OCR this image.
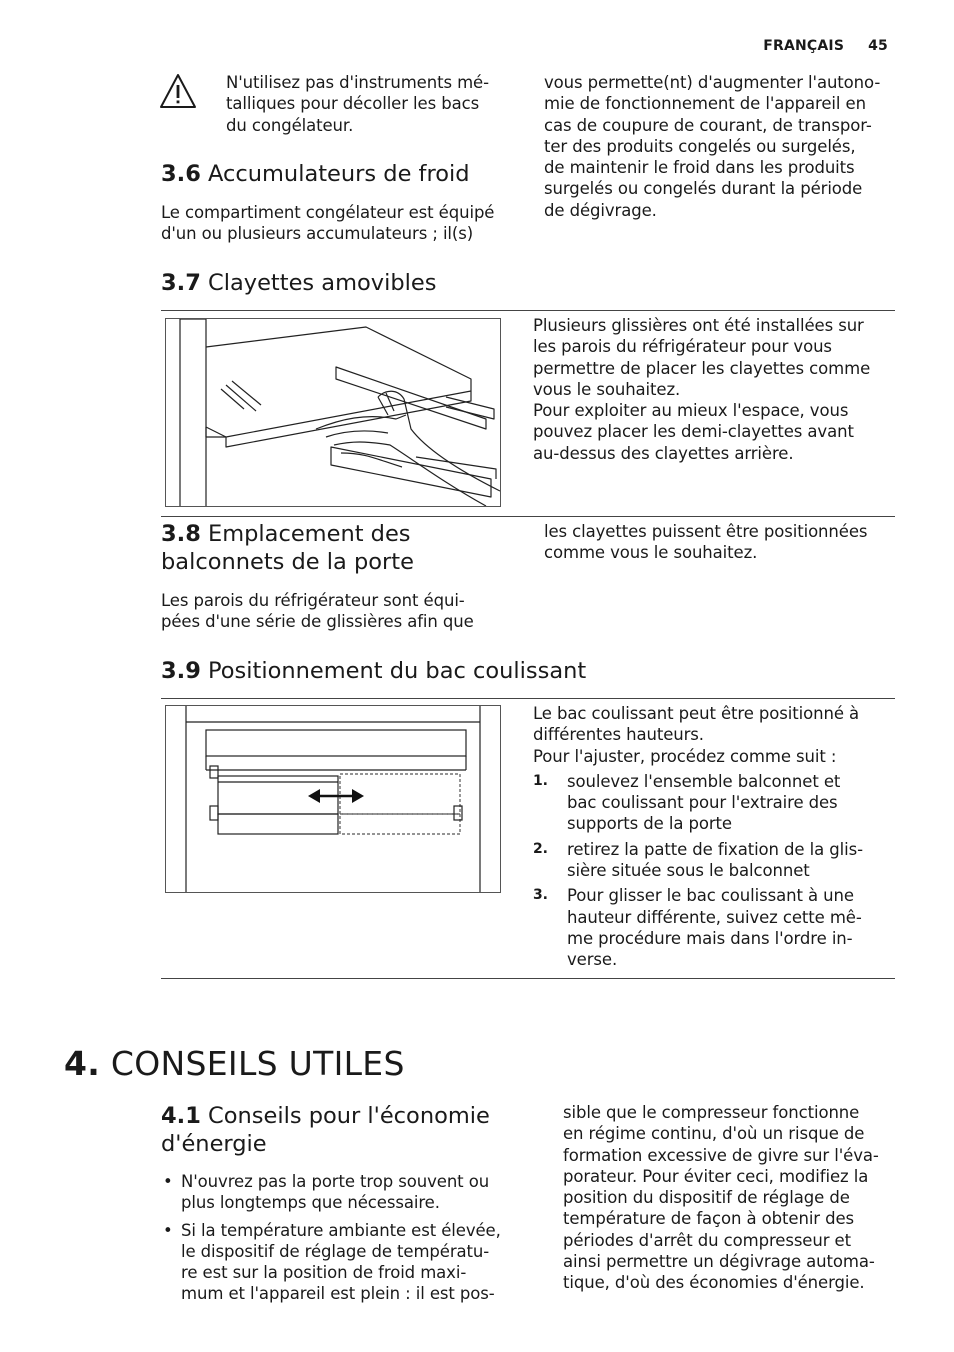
FRANÇAIS 45
N'utilisez pas d'instruments mé-
talliques pour décoller les bacs
du congélateur.
3.6 Accumulateurs de froid
Le compartiment congélateur est équipé
d'un ou plusieurs accumulateurs ; il(s)
vous permette(nt) d'augmenter l'autono-
mie de fonctionnement de l'appareil en
cas de coupure de courant, de transpor-
ter des produits congelés ou surgelés,
de maintenir le froid dans les produits
surgelés ou congelés durant la période
de dégivrage.
3.7 Clayettes amovibles

Plusieurs glissières ont été installées sur
les parois du réfrigérateur pour vous
permettre de placer les clayettes comme
vous le souhaitez.

Pour exploiter au mieux l'espace, vous
pouvez placer les demi-clayettes avant
au-dessus des clayettes arrière.

3.8 Emplacement des
balconnets de la porte
Les parois du réfrigérateur sont équi-
pées d'une série de glissières afin que
les clayettes puissent être positionnées
comme vous le souhaitez.
3.9 Positionnement du bac coulissant

Le bac coulissant peut être positionné à
différentes hauteurs.

Pour l'ajuster, procédez comme suit :

1. soulevez l'ensemble balconnet et
bac coulissant pour l'extraire des
supports de la porte
2. retirez la patte de fixation de la glis-
sière située sous le balconnet
3. Pour glisser le bac coulissant à une
hauteur différente, suivez cette mê-
me procédure mais dans l'ordre in-
verse.
4. CONSEILS UTILES
4.1 Conseils pour l'économie
d'énergie
• N'ouvrez pas la porte trop souvent ou
plus longtemps que nécessaire.
• Si la température ambiante est élevée,
le dispositif de réglage de températu-
re est sur la position de froid maxi-
mum et l'appareil est plein : il est pos-
sible que le compresseur fonctionne
en régime continu, d'où un risque de
formation excessive de givre sur l'éva-
porateur. Pour éviter ceci, modifiez la
position du dispositif de réglage de
température de façon à obtenir des
périodes d'arrêt du compresseur et
ainsi permettre un dégivrage automa-
tique, d'où des économies d'énergie.
